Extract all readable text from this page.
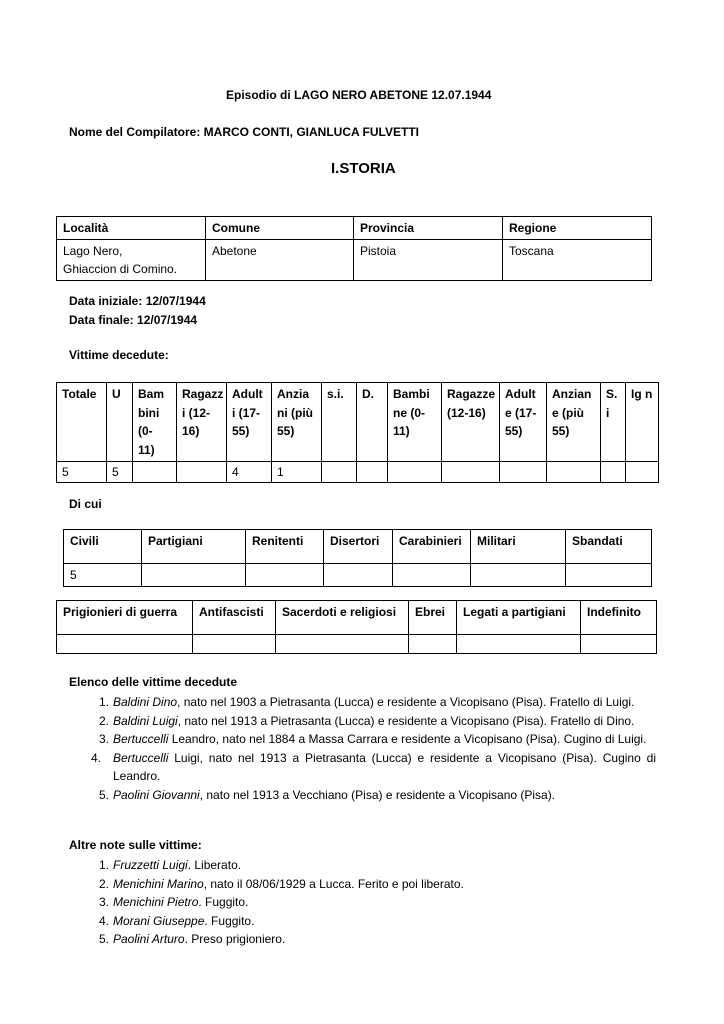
Episodio di LAGO NERO ABETONE 12.07.1944
Nome del Compilatore: MARCO CONTI, GIANLUCA FULVETTI
I.STORIA
Località	Comune	Provincia	Regione

Lago Nero,
Ghiaccion di Comino.	Abetone	Pistoia	Toscana
Data iniziale: 12/07/1944
Data finale: 12/07/1944
Vittime decedute:
Totale	U	Bam bini (0- 11)	Ragazz i (12- 16)	Adult i (17- 55)	Anzia ni (più 55)	s.i.	D.	Bambi ne (0- 11)	Ragazze (12-16)	Adult e (17- 55)	Anzian e (più 55)	S. i	Ig n
5	5			4	1								
Di cui
Civili	Partigiani	Renitenti	Disertori	Carabinieri	Militari	Sbandati
5						
Prigionieri di guerra	Antifascisti	Sacerdoti e religiosi	Ebrei	Legati a partigiani	Indefinito

Elenco delle vittime decedute
1. Baldini Dino, nato nel 1903 a Pietrasanta (Lucca) e residente a Vicopisano (Pisa). Fratello di Luigi.
2. Baldini Luigi, nato nel 1913 a Pietrasanta (Lucca) e residente a Vicopisano (Pisa). Fratello di Dino.
3. Bertuccelli Leandro, nato nel 1884 a Massa Carrara e residente a Vicopisano (Pisa). Cugino di Luigi.
4. Bertuccelli Luigi, nato nel 1913 a Pietrasanta (Lucca) e residente a Vicopisano (Pisa). Cugino di Leandro.
5. Paolini Giovanni, nato nel 1913 a Vecchiano (Pisa) e residente a Vicopisano (Pisa).
Altre note sulle vittime:
1. Fruzzetti Luigi. Liberato.
2. Menichini Marino, nato il 08/06/1929 a Lucca. Ferito e poi liberato.
3. Menichini Pietro. Fuggito.
4. Morani Giuseppe. Fuggito.
5. Paolini Arturo. Preso prigioniero.
